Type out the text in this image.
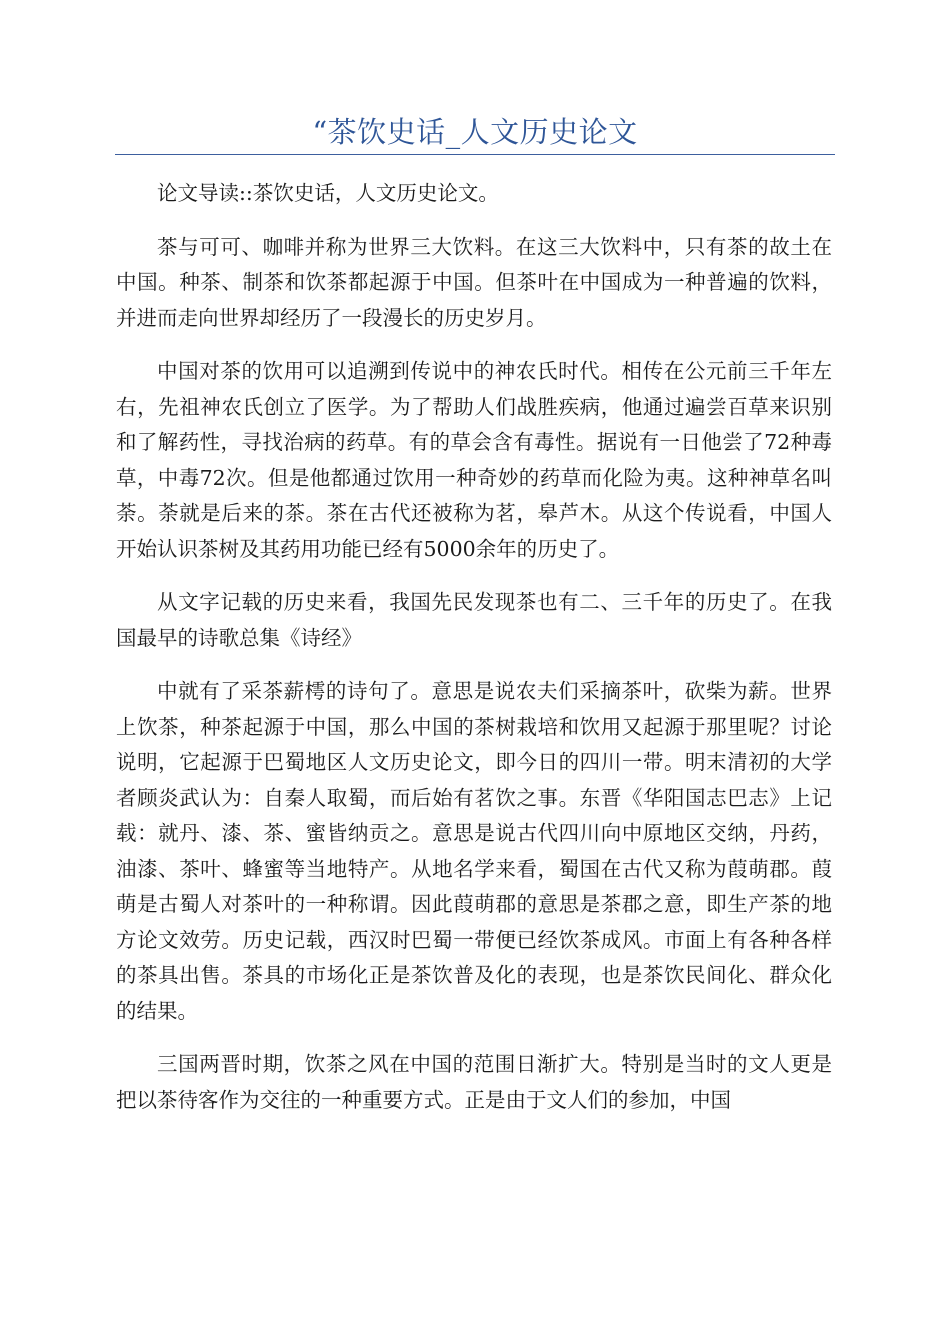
“茶饮史话_人文历史论文

论文导读::茶饮史话，人文历史论文。

茶与可可、咖啡并称为世界三大饮料。在这三大饮料中，只有茶的故土在中国。种茶、制茶和饮茶都起源于中国。但茶叶在中国成为一种普遍的饮料，并进而走向世界却经历了一段漫长的历史岁月。

中国对茶的饮用可以追溯到传说中的神农氏时代。相传在公元前三千年左右，先祖神农氏创立了医学。为了帮助人们战胜疾病，他通过遍尝百草来识别和了解药性，寻找治病的药草。有的草会含有毒性。据说有一日他尝了72种毒草，中毒72次。但是他都通过饮用一种奇妙的药草而化险为夷。这种神草名叫荼。荼就是后来的茶。茶在古代还被称为茗，皋芦木。从这个传说看，中国人开始认识茶树及其药用功能已经有5000余年的历史了。

从文字记载的历史来看，我国先民发现茶也有二、三千年的历史了。在我国最早的诗歌总集《诗经》

中就有了采茶薪樗的诗句了。意思是说农夫们采摘茶叶，砍柴为薪。世界上饮茶，种茶起源于中国，那么中国的茶树栽培和饮用又起源于那里呢？讨论说明，它起源于巴蜀地区人文历史论文，即今日的四川一带。明末清初的大学者顾炎武认为：自秦人取蜀，而后始有茗饮之事。东晋《华阳国志巴志》上记载：就丹、漆、茶、蜜皆纳贡之。意思是说古代四川向中原地区交纳，丹药，油漆、茶叶、蜂蜜等当地特产。从地名学来看，蜀国在古代又称为葭萌郡。葭萌是古蜀人对茶叶的一种称谓。因此葭萌郡的意思是茶郡之意，即生产茶的地方论文效劳。历史记载，西汉时巴蜀一带便已经饮茶成风。市面上有各种各样的茶具出售。茶具的市场化正是茶饮普及化的表现，也是茶饮民间化、群众化的结果。

三国两晋时期，饮茶之风在中国的范围日渐扩大。特别是当时的文人更是把以茶待客作为交往的一种重要方式。正是由于文人们的参加，中国
